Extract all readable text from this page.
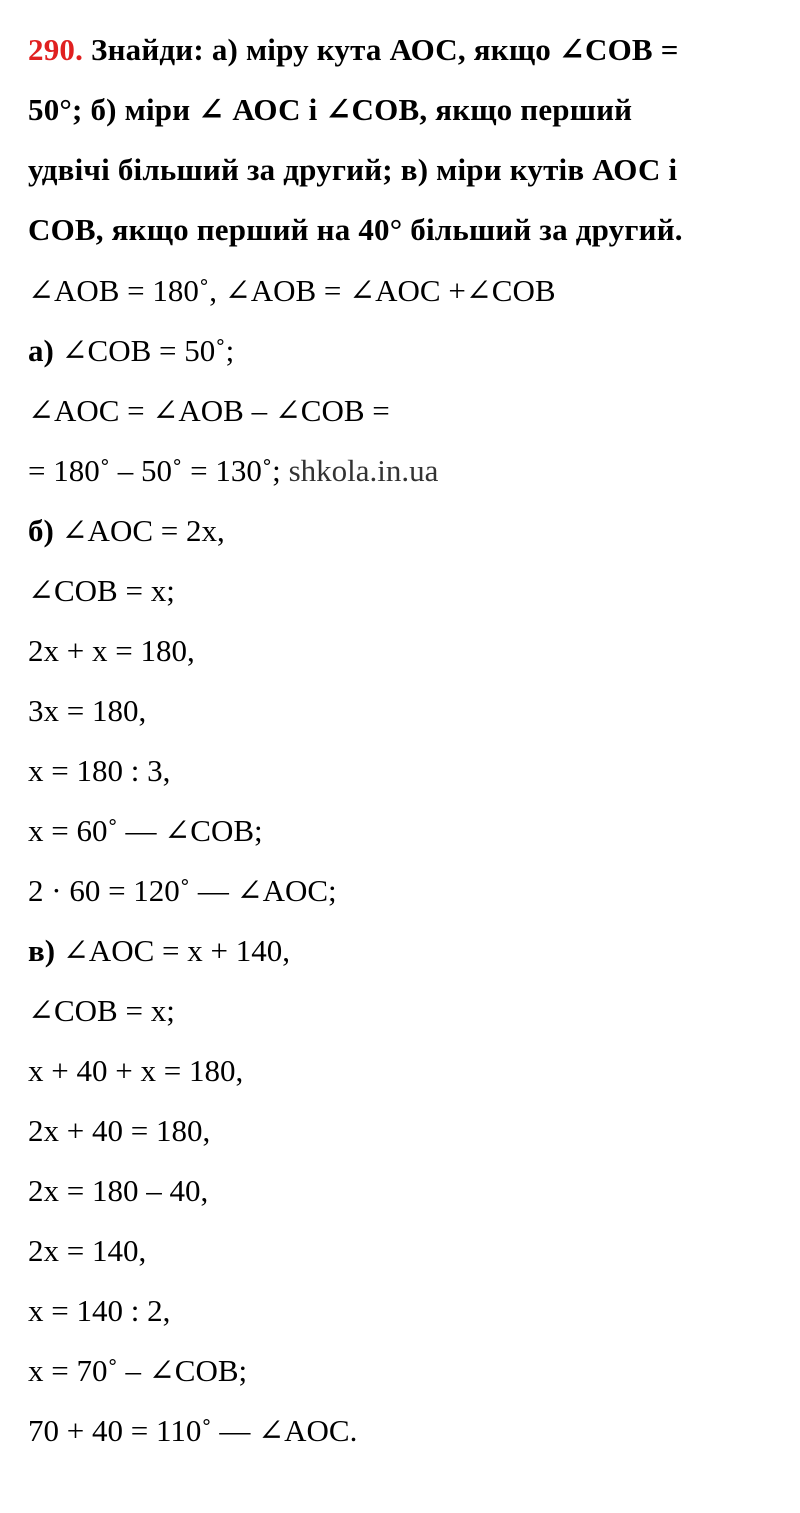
290. Знайди: а) міру кута АОС, якщо ∠СОВ =
50°; б) міри ∠ АОС і ∠СОВ, якщо перший
удвічі більший за другий; в) міри кутів АОС і
СОВ, якщо перший на 40° більший за другий.
∠AOB = 180˚, ∠AOB = ∠AOC +∠COB
а) ∠COB = 50˚;
∠AOC = ∠AOB – ∠COB =
= 180˚ – 50˚ = 130˚; shkola.in.ua
б) ∠AOC = 2x,
∠COB = x;
2x + x = 180,
3x = 180,
x = 180 : 3,
x = 60˚ — ∠COB;
2 · 60 = 120˚ — ∠AOC;
в) ∠AOC = x + 140,
∠COB = x;
x + 40 + x = 180,
2x + 40 = 180,
2x = 180 – 40,
2x = 140,
x = 140 : 2,
x = 70˚ – ∠COB;
70 + 40 = 110˚ — ∠AOC.
